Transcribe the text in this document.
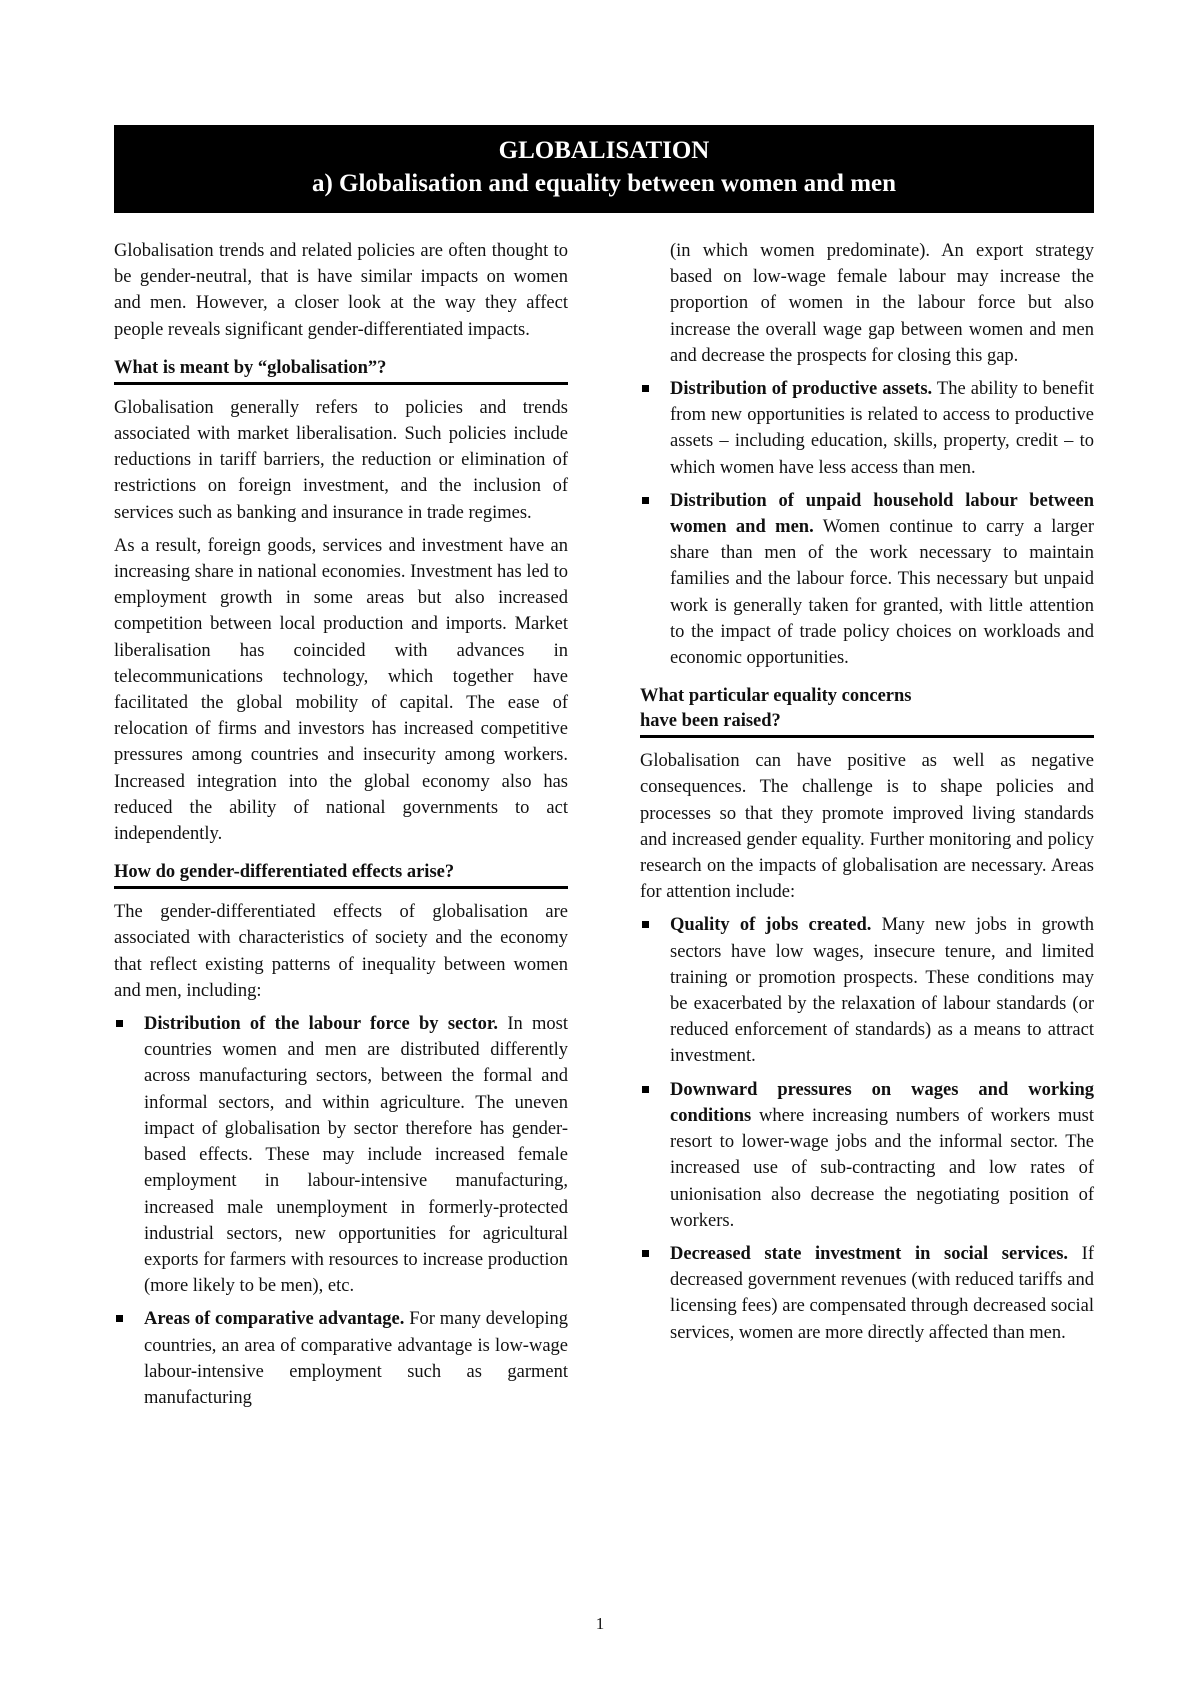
GLOBALISATION
a) Globalisation and equality between women and men

Globalisation trends and related policies are often thought to be gender-neutral, that is have similar impacts on women and men. However, a closer look at the way they affect people reveals significant gender-differentiated impacts.

What is meant by “globalisation”?

Globalisation generally refers to policies and trends associated with market liberalisation. Such policies include reductions in tariff barriers, the reduction or elimination of restrictions on foreign investment, and the inclusion of services such as banking and insurance in trade regimes.

As a result, foreign goods, services and investment have an increasing share in national economies. Investment has led to employment growth in some areas but also increased competition between local production and imports. Market liberalisation has coincided with advances in telecommunications technology, which together have facilitated the global mobility of capital. The ease of relocation of firms and investors has increased competitive pressures among countries and insecurity among workers. Increased integration into the global economy also has reduced the ability of national governments to act independently.

How do gender-differentiated effects arise?

The gender-differentiated effects of globalisation are associated with characteristics of society and the economy that reflect existing patterns of inequality between women and men, including:

Distribution of the labour force by sector. In most countries women and men are distributed differently across manufacturing sectors, between the formal and informal sectors, and within agriculture. The uneven impact of globalisation by sector therefore has gender-based effects. These may include increased female employment in labour-intensive manufacturing, increased male unemployment in formerly-protected industrial sectors, new opportunities for agricultural exports for farmers with resources to increase production (more likely to be men), etc.
Areas of comparative advantage. For many developing countries, an area of comparative advantage is low-wage labour-intensive employment such as garment manufacturing
(in which women predominate). An export strategy based on low-wage female labour may increase the proportion of women in the labour force but also increase the overall wage gap between women and men and decrease the prospects for closing this gap.
Distribution of productive assets. The ability to benefit from new opportunities is related to access to productive assets – including education, skills, property, credit – to which women have less access than men.
Distribution of unpaid household labour between women and men. Women continue to carry a larger share than men of the work necessary to maintain families and the labour force. This necessary but unpaid work is generally taken for granted, with little attention to the impact of trade policy choices on workloads and economic opportunities.
What particular equality concerns
have been raised?

Globalisation can have positive as well as negative consequences. The challenge is to shape policies and processes so that they promote improved living standards and increased gender equality. Further monitoring and policy research on the impacts of globalisation are necessary. Areas for attention include:

Quality of jobs created. Many new jobs in growth sectors have low wages, insecure tenure, and limited training or promotion prospects. These conditions may be exacerbated by the relaxation of labour standards (or reduced enforcement of standards) as a means to attract investment.
Downward pressures on wages and working conditions where increasing numbers of workers must resort to lower-wage jobs and the informal sector. The increased use of sub-contracting and low rates of unionisation also decrease the negotiating position of workers.
Decreased state investment in social services. If decreased government revenues (with reduced tariffs and licensing fees) are compensated through decreased social services, women are more directly affected than men.
1
